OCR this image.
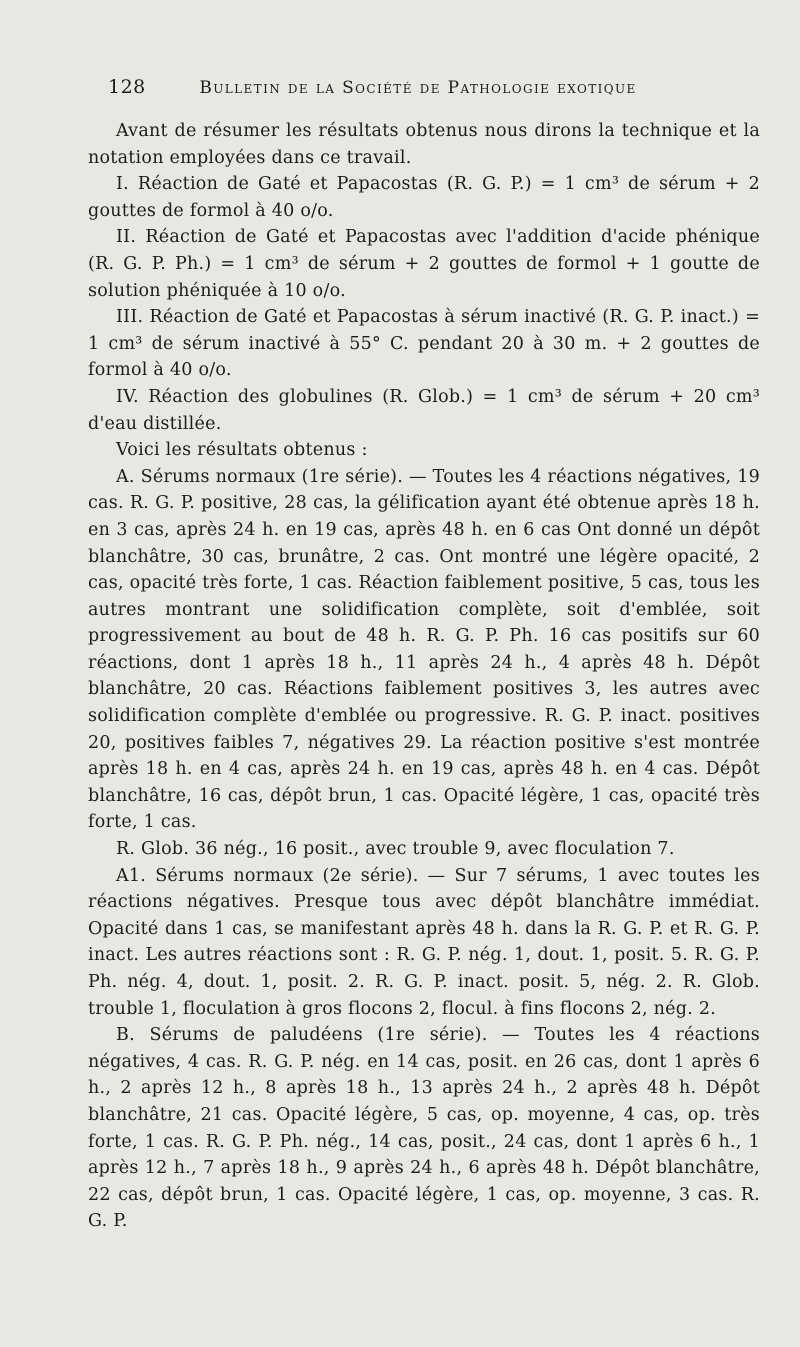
128	Bulletin de la Société de Pathologie exotique

Avant de résumer les résultats obtenus nous dirons la technique et la notation employées dans ce travail.

I. Réaction de Gaté et Papacostas (R. G. P.) = 1 cm³ de sérum + 2 gouttes de formol à 40 o/o.

II. Réaction de Gaté et Papacostas avec l'addition d'acide phénique (R. G. P. Ph.) = 1 cm³ de sérum + 2 gouttes de formol + 1 goutte de solution phéniquée à 10 o/o.

III. Réaction de Gaté et Papacostas à sérum inactivé (R. G. P. inact.) = 1 cm³ de sérum inactivé à 55° C. pendant 20 à 30 m. + 2 gouttes de formol à 40 o/o.

IV. Réaction des globulines (R. Glob.) = 1 cm³ de sérum + 20 cm³ d'eau distillée.

Voici les résultats obtenus :

A. Sérums normaux (1re série). — Toutes les 4 réactions négatives, 19 cas. R. G. P. positive, 28 cas, la gélification ayant été obtenue après 18 h. en 3 cas, après 24 h. en 19 cas, après 48 h. en 6 cas Ont donné un dépôt blanchâtre, 30 cas, brunâtre, 2 cas. Ont montré une légère opacité, 2 cas, opacité très forte, 1 cas. Réaction faiblement positive, 5 cas, tous les autres montrant une solidification complète, soit d'emblée, soit progressivement au bout de 48 h. R. G. P. Ph. 16 cas positifs sur 60 réactions, dont 1 après 18 h., 11 après 24 h., 4 après 48 h. Dépôt blanchâtre, 20 cas. Réactions faiblement positives 3, les autres avec solidification complète d'emblée ou progressive. R. G. P. inact. positives 20, positives faibles 7, négatives 29. La réaction positive s'est montrée après 18 h. en 4 cas, après 24 h. en 19 cas, après 48 h. en 4 cas. Dépôt blanchâtre, 16 cas, dépôt brun, 1 cas. Opacité légère, 1 cas, opacité très forte, 1 cas.

R. Glob. 36 nég., 16 posit., avec trouble 9, avec floculation 7.

A1. Sérums normaux (2e série). — Sur 7 sérums, 1 avec toutes les réactions négatives. Presque tous avec dépôt blanchâtre immédiat. Opacité dans 1 cas, se manifestant après 48 h. dans la R. G. P. et R. G. P. inact. Les autres réactions sont : R. G. P. nég. 1, dout. 1, posit. 5. R. G. P. Ph. nég. 4, dout. 1, posit. 2. R. G. P. inact. posit. 5, nég. 2. R. Glob. trouble 1, floculation à gros flocons 2, flocul. à fins flocons 2, nég. 2.

B. Sérums de paludéens (1re série). — Toutes les 4 réactions négatives, 4 cas. R. G. P. nég. en 14 cas, posit. en 26 cas, dont 1 après 6 h., 2 après 12 h., 8 après 18 h., 13 après 24 h., 2 après 48 h. Dépôt blanchâtre, 21 cas. Opacité légère, 5 cas, op. moyenne, 4 cas, op. très forte, 1 cas. R. G. P. Ph. nég., 14 cas, posit., 24 cas, dont 1 après 6 h., 1 après 12 h., 7 après 18 h., 9 après 24 h., 6 après 48 h. Dépôt blanchâtre, 22 cas, dépôt brun, 1 cas. Opacité légère, 1 cas, op. moyenne, 3 cas. R. G. P.
